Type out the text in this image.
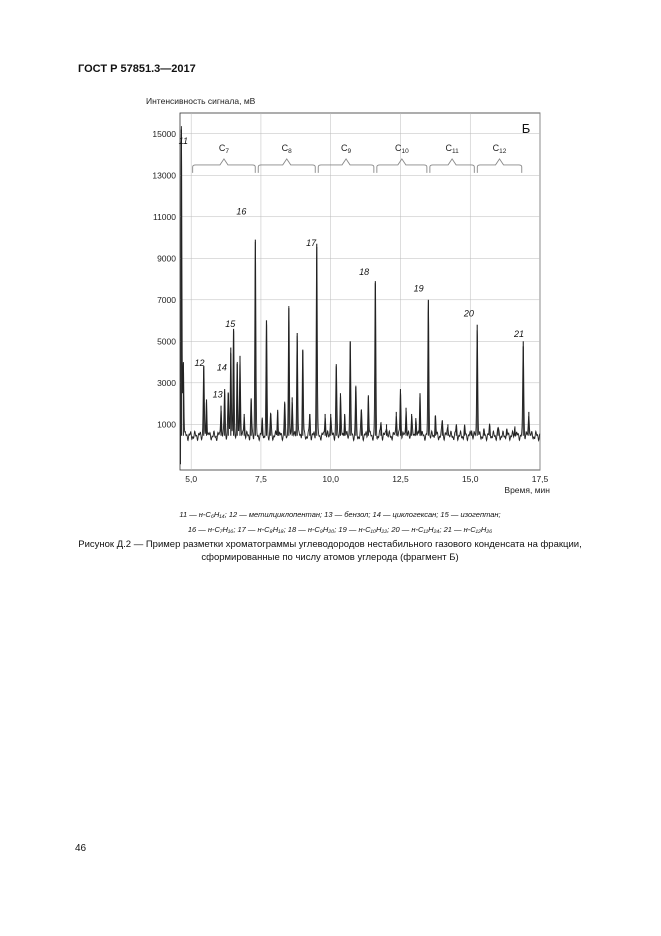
ГОСТ Р 57851.3—2017
Интенсивность сигнала, мВ
1000
3000
5000
7000
9000
11000
13000
15000
5,0	7,5	10,0	12,5	15,0	17,5
Б
$C_7$	$C_8$	$C_9$	$C_{10}$	$C_{11}$	$C_{12}$
11
12
13
14
15
16
17
18
19
20
21
Время, мин
11 — н-C₆H₁₄; 12 — метилциклопентан; 13 — бензол; 14 — циклогексан; 15 — изогептан;
16 — н-C₇H₁₆; 17 — н-C₈H₁₈; 18 — н-C₉H₂₀; 19 — н-C₁₀H₂₂; 20 — н-C₁₁H₂₄; 21 — н-C₁₂H₂₆
Рисунок Д.2 — Пример разметки хроматограммы углеводородов нестабильного газового конденсата на фракции,
сформированные по числу атомов углерода (фрагмент Б)
46
